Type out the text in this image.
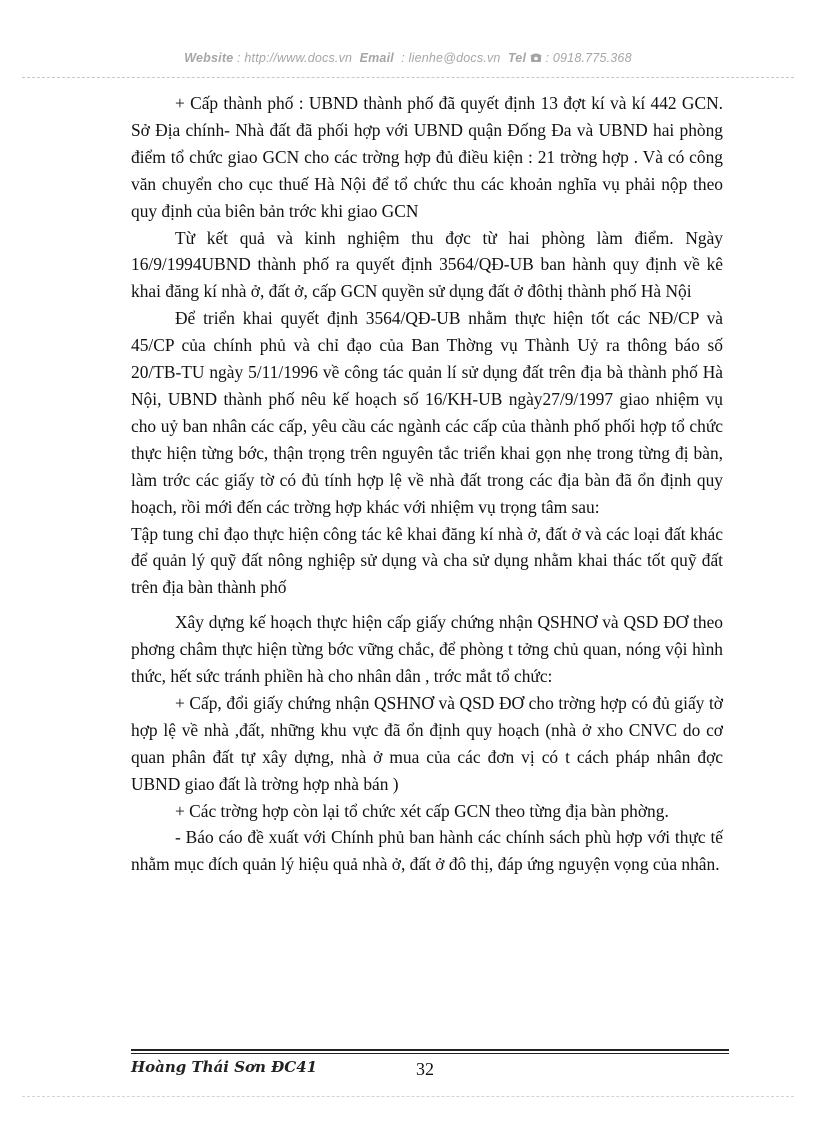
Website : http://www.docs.vn Email : lienhe@docs.vn Tel : 0918.775.368

+ Cấp thành phố : UBND thành phố đã quyết định 13 đợt kí và kí 442 GCN. Sở Địa chính- Nhà đất đã phối hợp với UBND quận Đống Đa và UBND hai phòng điểm tổ chức giao GCN cho các trờng hợp đủ điều kiện : 21 trờng hợp . Và có công văn chuyển cho cục thuế Hà Nội để tổ chức thu các khoản nghĩa vụ phải nộp theo quy định của biên bản trớc khi giao GCN

Từ kết quả và kinh nghiệm thu đợc từ hai phòng làm điểm. Ngày 16/9/1994UBND thành phố ra quyết định 3564/QĐ-UB ban hành quy định về kê khai đăng kí nhà ở, đất ở, cấp GCN quyền sử dụng đất ở đôthị thành phố Hà Nội

Để triển khai quyết định 3564/QĐ-UB nhằm thực hiện tốt các NĐ/CP và 45/CP của chính phủ và chỉ đạo của Ban Thờng vụ Thành Uỷ ra thông báo số 20/TB-TU ngày 5/11/1996 về công tác quản lí sử dụng đất trên địa bà thành phố Hà Nội, UBND thành phố nêu kế hoạch số 16/KH-UB ngày27/9/1997 giao nhiệm vụ cho uỷ ban nhân các cấp, yêu cầu các ngành các cấp của thành phố phối hợp tổ chức thực hiện từng bớc, thận trọng trên nguyên tắc triển khai gọn nhẹ trong từng đị bàn, làm trớc các giấy tờ có đủ tính hợp lệ về nhà đất trong các địa bàn đã ổn định quy hoạch, rồi mới đến các trờng hợp khác với nhiệm vụ trọng tâm sau:

Tập tung chỉ đạo thực hiện công tác kê khai đăng kí nhà ở, đất ở và các loại đất khác để quản lý quỹ đất nông nghiệp sử dụng và cha sử dụng nhằm khai thác tốt quỹ đất trên địa bàn thành phố

Xây dựng kế hoạch thực hiện cấp giấy chứng nhận QSHNƠ và QSD ĐƠ theo phơng châm thực hiện từng bớc vững chắc, để phòng t tởng chủ quan, nóng vội hình thức, hết sức tránh phiền hà cho nhân dân , trớc mắt tổ chức:

+ Cấp, đổi giấy chứng nhận QSHNƠ và QSD ĐƠ cho trờng hợp có đủ giấy tờ hợp lệ về nhà ,đất, những khu vực đã ổn định quy hoạch (nhà ở xho CNVC do cơ quan phân đất tự xây dựng, nhà ở mua của các đơn vị có t cách pháp nhân đợc UBND giao đất là trờng hợp nhà bán )

+ Các trờng hợp còn lại tổ chức xét cấp GCN theo từng địa bàn phờng.

- Báo cáo đề xuất với Chính phủ ban hành các chính sách phù hợp với thực tế nhằm mục đích quản lý hiệu quả nhà ở, đất ở đô thị, đáp ứng nguyện vọng của nhân.

Hoàng Thái Sơn ĐC41	32
